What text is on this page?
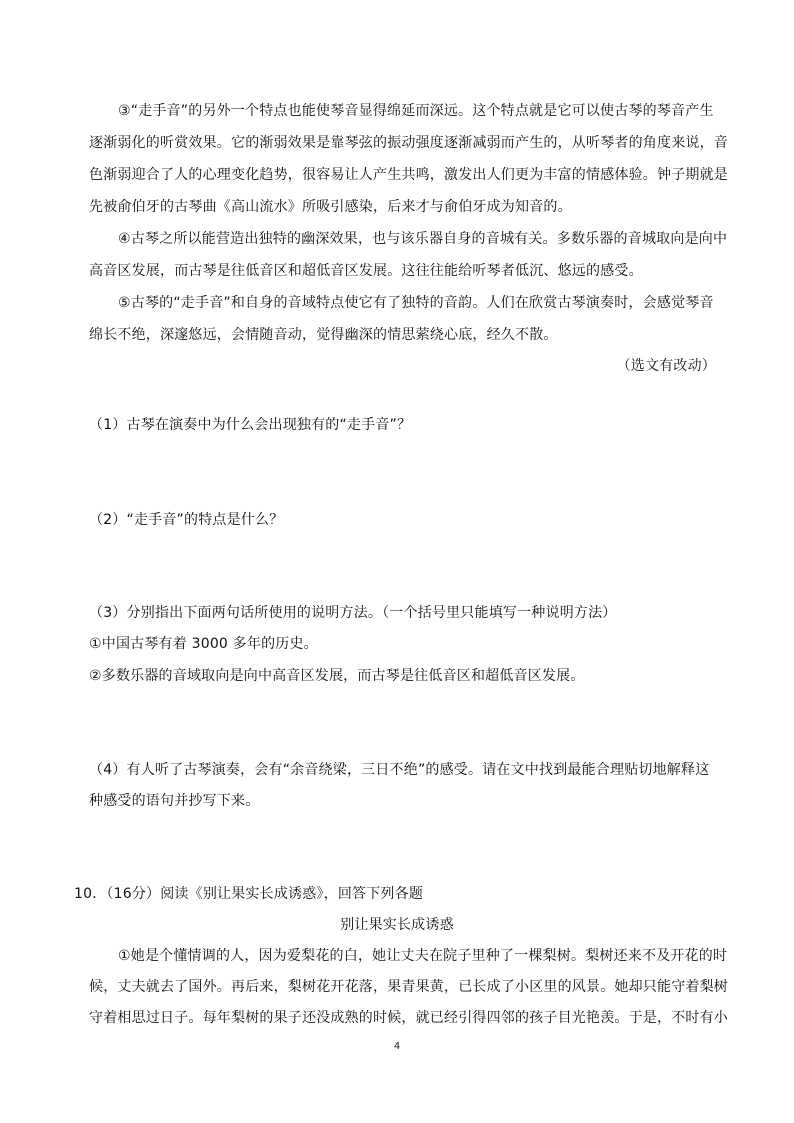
③“走手音”的另外一个特点也能使琴音显得绵延而深远。这个特点就是它可以使古琴的琴音产生
逐渐弱化的听赏效果。它的渐弱效果是靠琴弦的振动强度逐渐减弱而产生的，从听琴者的角度来说，音
色渐弱迎合了人的心理变化趋势，很容易让人产生共鸣，激发出人们更为丰富的情感体验。钟子期就是
先被俞伯牙的古琴曲《高山流水》所吸引感染，后来才与俞伯牙成为知音的。
④古琴之所以能营造出独特的幽深效果，也与该乐器自身的音城有关。多数乐器的音城取向是向中
高音区发展，而古琴是往低音区和超低音区发展。这往往能给听琴者低沉、悠远的感受。
⑤古琴的“走手音”和自身的音域特点使它有了独特的音韵。人们在欣赏古琴演奏时，会感觉琴音
绵长不绝，深邃悠远，会情随音动，觉得幽深的情思萦绕心底，经久不散。
（选文有改动）
（1）古琴在演奏中为什么会出现独有的“走手音”？
（2）“走手音”的特点是什么？
（3）分别指出下面两句话所使用的说明方法。（一个括号里只能填写一种说明方法）
①中国古琴有着 3000 多年的历史。
②多数乐器的音域取向是向中高音区发展，而古琴是往低音区和超低音区发展。
（4）有人听了古琴演奏，会有“余音绕梁，三日不绝”的感受。请在文中找到最能合理贴切地解释这
种感受的语句并抄写下来。
10．（16分）阅读《别让果实长成诱惑》，回答下列各题
别让果实长成诱惑
①她是个懂情调的人，因为爱梨花的白，她让丈夫在院子里种了一棵梨树。梨树还来不及开花的时
候，丈夫就去了国外。再后来，梨树花开花落，果青果黄，已长成了小区里的风景。她却只能守着梨树
守着相思过日子。每年梨树的果子还没成熟的时候，就已经引得四邻的孩子目光艳羡。于是，不时有小
4
